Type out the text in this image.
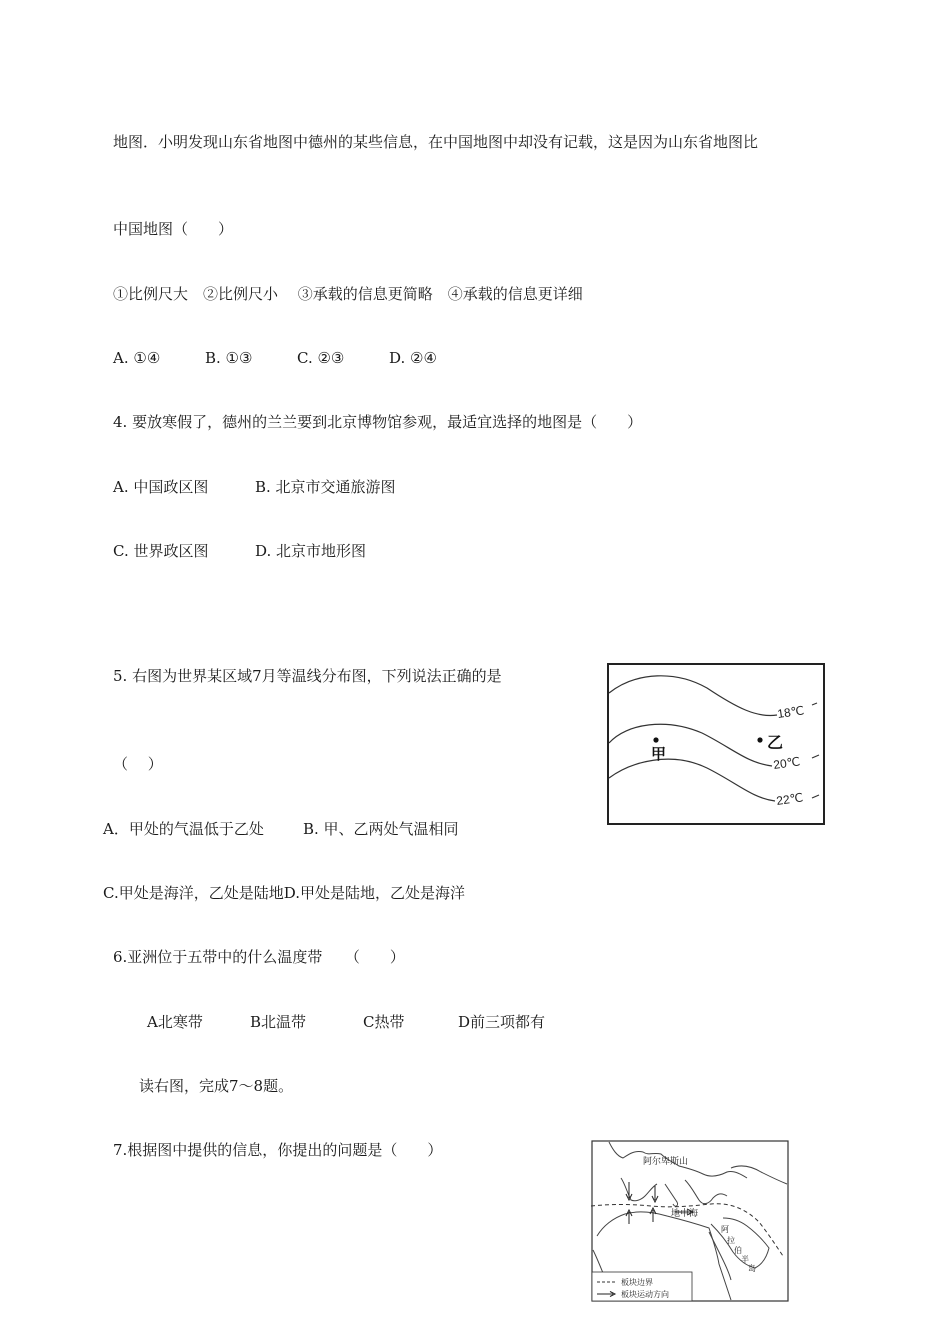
地图．小明发现山东省地图中德州的某些信息，在中国地图中却没有记载，这是因为山东省地图比
中国地图（　　）
①比例尺大　②比例尺小　 ③承载的信息更简略　④承载的信息更详细
A. ①④	B. ①③	C. ②③	D. ②④
4. 要放寒假了，德州的兰兰要到北京博物馆参观，最适宜选择的地图是（　　）
A. 中国政区图	B. 北京市交通旅游图
C. 世界政区图	D. 北京市地形图
5. 右图为世界某区域7月等温线分布图，下列说法正确的是
（　 ）
A．甲处的气温低于乙处	B. 甲、乙两处气温相同
C.甲处是海洋，乙处是陆地D.甲处是陆地，乙处是海洋
18℃
20℃
22℃
甲
乙
6.亚洲位于五带中的什么温度带　　（　　）
A北寒带	B北温带	C热带	D前三项都有
读右图，完成7～8题。
7.根据图中提供的信息，你提出的问题是（　　）
阿尔卑斯山
地中海
阿
拉
伯
半
岛
板块边界
板块运动方向
